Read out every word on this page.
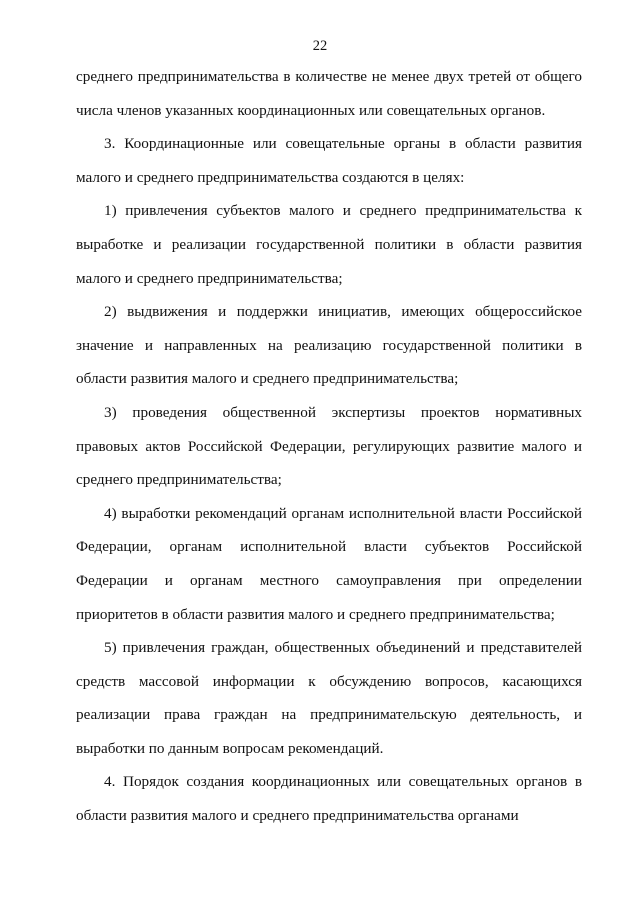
22

среднего предпринимательства в количестве не менее двух третей от общего числа членов указанных координационных или совещательных органов.

3. Координационные или совещательные органы в области развития малого и среднего предпринимательства создаются в целях:

1) привлечения субъектов малого и среднего предпринимательства к выработке и реализации государственной политики в области развития малого и среднего предпринимательства;

2) выдвижения и поддержки инициатив, имеющих общероссийское значение и направленных на реализацию государственной политики в области развития малого и среднего предпринимательства;

3) проведения общественной экспертизы проектов нормативных правовых актов Российской Федерации, регулирующих развитие малого и среднего предпринимательства;

4) выработки рекомендаций органам исполнительной власти Российской Федерации, органам исполнительной власти субъектов Российской Федерации и органам местного самоуправления при определении приоритетов в области развития малого и среднего предпринимательства;

5) привлечения граждан, общественных объединений и представителей средств массовой информации к обсуждению вопросов, касающихся реализации права граждан на предпринимательскую деятельность, и выработки по данным вопросам рекомендаций.

4. Порядок создания координационных или совещательных органов в области развития малого и среднего предпринимательства органами
